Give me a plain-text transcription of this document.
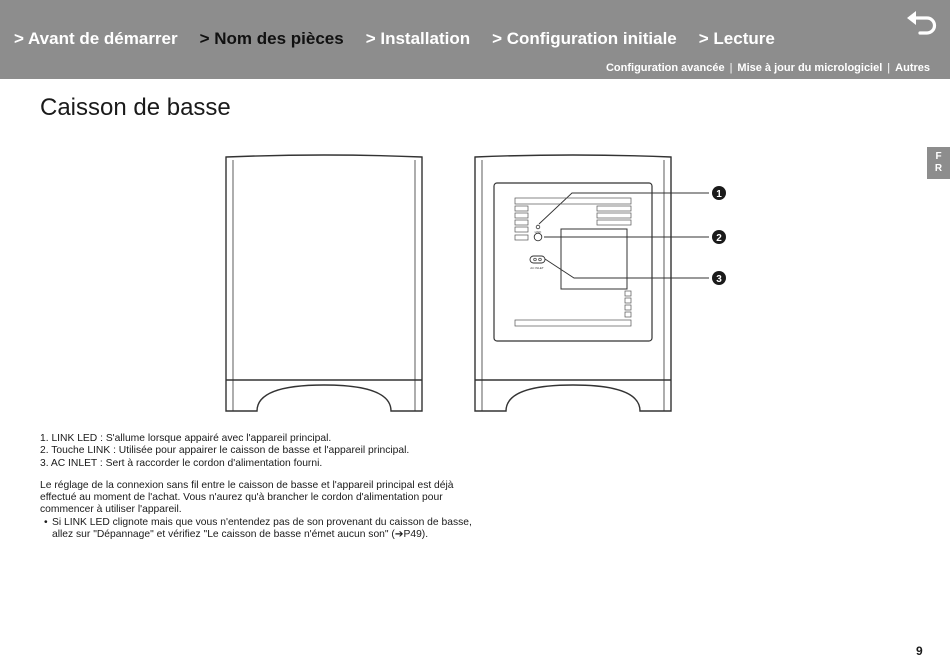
> Avant de démarrer > Nom des pièces > Installation > Configuration initiale > Lecture
Configuration avancée | Mise à jour du micrologiciel | Autres
Caisson de basse
F
R
LINK
AC INLET
1
2
3
1. LINK LED : S'allume lorsque appairé avec l'appareil principal.
2. Touche LINK : Utilisée pour appairer le caisson de basse et l'appareil principal.
3. AC INLET : Sert à raccorder le cordon d'alimentation fourni.

Le réglage de la connexion sans fil entre le caisson de basse et l'appareil principal est déjà effectué au moment de l'achat. Vous n'aurez qu'à brancher le cordon d'alimentation pour commencer à utiliser l'appareil.

• Si LINK LED clignote mais que vous n'entendez pas de son provenant du caisson de basse, allez sur "Dépannage" et vérifiez "Le caisson de basse n'émet aucun son" (➔P49).
9
